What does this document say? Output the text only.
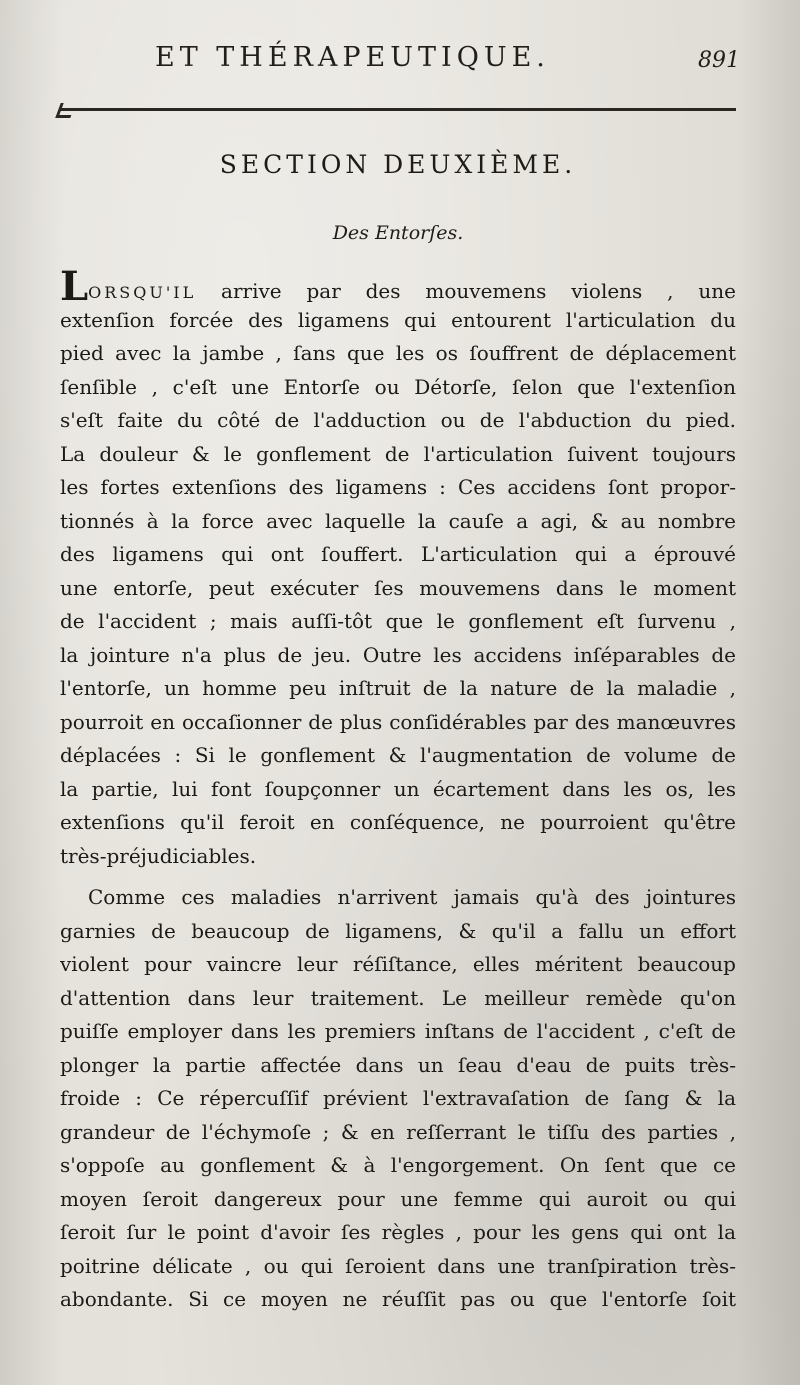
ET THÉRAPEUTIQUE.	891
SECTION DEUXIÈME.
Des Entorſes.
LORSQU'IL arrive par des mouvemens violens , une
extenſion forcée des ligamens qui entourent l'articulation du
pied avec la jambe , ſans que les os ſouffrent de déplacement
ſenſible , c'eſt une Entorſe ou Détorſe, ſelon que l'extenſion
s'eſt faite du côté de l'adduction ou de l'abduction du pied.
La douleur & le gonflement de l'articulation ſuivent toujours
les fortes extenſions des ligamens : Ces accidens ſont propor-
tionnés à la force avec laquelle la cauſe a agi, & au nombre
des ligamens qui ont ſouffert. L'articulation qui a éprouvé
une entorſe, peut exécuter ſes mouvemens dans le moment
de l'accident ; mais auſſi-tôt que le gonflement eſt ſurvenu ,
la jointure n'a plus de jeu. Outre les accidens inſéparables de
l'entorſe, un homme peu inſtruit de la nature de la maladie ,
pourroit en occaſionner de plus conſidérables par des manœuvres
déplacées : Si le gonflement & l'augmentation de volume de
la partie, lui font ſoupçonner un écartement dans les os, les
extenſions qu'il feroit en conſéquence, ne pourroient qu'être
très-préjudiciables.
Comme ces maladies n'arrivent jamais qu'à des jointures
garnies de beaucoup de ligamens, & qu'il a fallu un effort
violent pour vaincre leur réſiſtance, elles méritent beaucoup
d'attention dans leur traitement. Le meilleur remède qu'on
puiſſe employer dans les premiers inſtans de l'accident , c'eſt de
plonger la partie affectée dans un ſeau d'eau de puits très-
froide : Ce répercuſſif prévient l'extravaſation de ſang & la
grandeur de l'échymoſe ; & en reſſerrant le tiſſu des parties ,
s'oppoſe au gonflement & à l'engorgement. On ſent que ce
moyen ſeroit dangereux pour une femme qui auroit ou qui
ſeroit ſur le point d'avoir ſes règles , pour les gens qui ont la
poitrine délicate , ou qui ſeroient dans une tranſpiration très-
abondante. Si ce moyen ne réuſſit pas ou que l'entorſe ſoit
